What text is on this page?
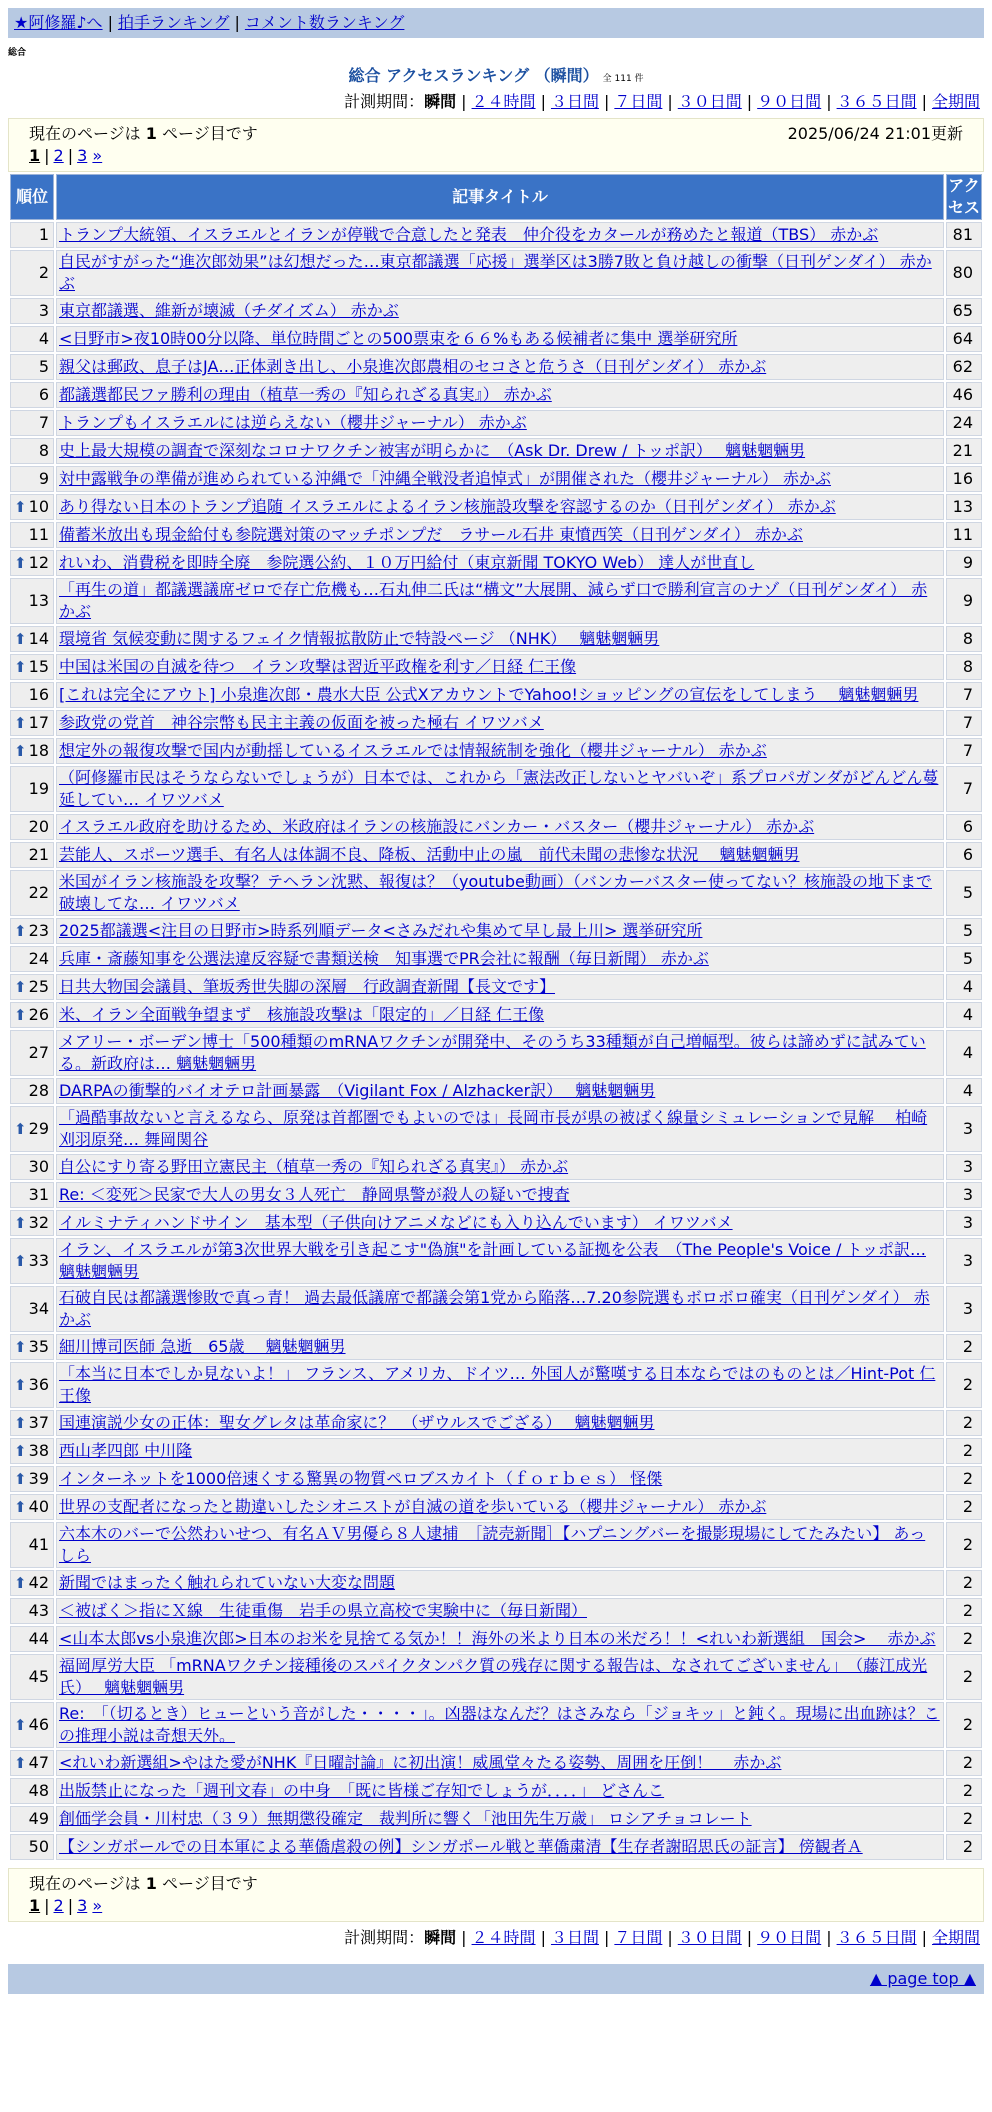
★阿修羅♪へ | 拍手ランキング | コメント数ランキング
総合
総合 アクセスランキング （瞬間） 全 111 件
計測期間：瞬間 | ２４時間 | ３日間 | ７日間 | ３０日間 | ９０日間 | ３６５日間 | 全期間
現在のページは 1 ページ目です	2025/06/24 21:01更新
1 | 2 | 3 »
順位	記事タイトル	アクセス
1	トランプ大統領、イスラエルとイランが停戦で合意したと発表　仲介役をカタールが務めたと報道（TBS） 赤かぶ	81
2	自民がすがった“進次郎効果”は幻想だった…東京都議選「応援」選挙区は3勝7敗と負け越しの衝撃（日刊ゲンダイ） 赤かぶ	80
3	東京都議選、維新が壊滅（チダイズム） 赤かぶ	65
4	<日野市>夜10時00分以降、単位時間ごとの500票束を６６%もある候補者に集中 選挙研究所	64
5	親父は郵政、息子はJA…正体剥き出し、小泉進次郎農相のセコさと危うさ（日刊ゲンダイ） 赤かぶ	62
6	都議選都民ファ勝利の理由（植草一秀の『知られざる真実』） 赤かぶ	46
7	トランプもイスラエルには逆らえない（櫻井ジャーナル） 赤かぶ	24
8	史上最大規模の調査で深刻なコロナワクチン被害が明らかに　（Ask Dr. Drew / トッポ訳）　 魑魅魍魎男	21
9	対中露戦争の準備が進められている沖縄で「沖縄全戦没者追悼式」が開催された（櫻井ジャーナル） 赤かぶ	16

⬆ 10	あり得ない日本のトランプ追随 イスラエルによるイラン核施設攻撃を容認するのか（日刊ゲンダイ） 赤かぶ	13
11	備蓄米放出も現金給付も参院選対策のマッチポンプだ　ラサール石井 東憤西笑（日刊ゲンダイ） 赤かぶ	11

⬆ 12	れいわ、消費税を即時全廃　参院選公約、１０万円給付（東京新聞 TOKYO Web） 達人が世直し	9
13	「再生の道」都議選議席ゼロで存亡危機も…石丸伸二氏は“構文”大展開、減らず口で勝利宣言のナゾ（日刊ゲンダイ） 赤かぶ	9

⬆ 14	環境省 気候変動に関するフェイク情報拡散防止で特設ページ （NHK）　 魑魅魍魎男	8

⬆ 15	中国は米国の自滅を待つ　イラン攻撃は習近平政権を利す／日経 仁王像	8
16	[これは完全にアウト] 小泉進次郎・農水大臣 公式Xアカウントで​Yahoo!ショッピングの宣伝をしてしまう　 魑魅魍魎男	7

⬆ 17	参政党の党首　神谷宗幣も民主主義の仮面を被った極右 イワツバメ	7

⬆ 18	想定外の報復攻撃で国内が動揺しているイスラエルでは情報統制を強化（櫻井ジャーナル） 赤かぶ	7
19	（阿修羅市民はそうならないでしょうが）日本では、これから「憲法改正しないとヤバいぞ」系プロパガンダがどんどん蔓延してい… イワツバメ	7
20	イスラエル政府を助けるため、米政府はイランの核施設にバンカー・バスター（櫻井ジャーナル） 赤かぶ	6
21	芸能人、スポーツ選手、有名人は体調不良、降板、活動中止の嵐　前代未聞の悲惨な状況　 魑魅魍魎男	6
22	米国がイラン核施設を攻撃？テヘラン沈黙、報復は？（youtube動画）（バンカーバスター使ってない？核施設の地下まで破壊してな… イワツバメ	5

⬆ 23	2025都議選<注目の日野市>時系列順データ<さみだれや集めて早し最上川> 選挙研究所	5
24	兵庫・斎藤知事を公選法違反容疑で書類送検　知事選でPR会社に報酬（毎日新聞） 赤かぶ	5

⬆ 25	日共大物国会議員、筆坂秀世失脚の深層　行政調査新聞【長文です】	4

⬆ 26	米、イラン全面戦争望まず　核施設攻撃は「限定的」／日経 仁王像	4
27	メアリー・ボーデン博士「500種類のmRNAワクチンが開発中、そのうち33種類が自己増幅型。彼らは諦めずに試みている。新政府は… 魑魅魍魎男	4
28	DARPAの衝撃的バイオテロ計画暴露　（Vigilant Fox / Alzhacker訳）　 魑魅魍魎男	4

⬆ 29	「過酷事故ないと言えるなら、原発は首都圏でもよいのでは」長岡市長が県の被ばく線量シミュレーションで見解　 柏崎刈羽原発… 舞岡関谷	3
30	自公にすり寄る野田立憲民主（植草一秀の『知られざる真実』） 赤かぶ	3
31	Re: ＜変死＞民家で大人の男女３人死亡　静岡県警が殺人の疑いで捜査	3

⬆ 32	イルミナティハンドサイン　基本型（子供向けアニメなどにも入り込んでいます） イワツバメ	3

⬆ 33	イラン、イスラエルが第3次世界大戦を引き起こす"偽旗"を計画している証拠を公表　（The People's Voice / トッポ訳… 魑魅魍魎男	3
34	石破自民は都議選惨敗で真っ青！ 過去最低議席で都議会第1党から陥落…7.20参院選もボロボロ確実（日刊ゲンダイ） 赤かぶ	3

⬆ 35	細川博司医師 急逝　65歳　 魑魅魍魎男	2

⬆ 36	「本当に日本でしか見ないよ！」 フランス、アメリカ、ドイツ… 外国人が驚嘆する日本ならではのものとは／Hint-Pot 仁王像	2

⬆ 37	国連演説少女の正体：聖女グレタは革命家に？　（ザウルスでござる）　 魑魅魍魎男	2

⬆ 38	西山孝四郎 中川隆	2

⬆ 39	インターネットを1000倍速くする驚異の物質ペロブスカイト（ｆｏｒｂｅｓ） 怪傑	2

⬆ 40	世界の支配者になったと勘違いしたシオニストが自滅の道を歩いている（櫻井ジャーナル） 赤かぶ	2
41	六本木のバーで公然わいせつ、有名ＡＶ男優ら８人逮捕　［読売新聞］【ハプニングバーを撮影現場にしてたみたい】 あっしら	2

⬆ 42	新聞ではまったく触れられていない大変な問題	2
43	＜被ばく＞指にＸ線　生徒重傷　岩手の県立高校で実験中に（毎日新聞）	2
44	<山本太郎vs小泉進次郎>日本のお米を見捨てる気か！！海外の米より日本の米だろ！！<れいわ新選組　国会>　 赤かぶ	2
45	福岡厚労大臣 「mRNAワクチン接種後のスパイクタンパク質の残存に関する報告は、なされてございません」　（藤江成光氏）　 魑魅魍魎男	2

⬆ 46	Re:　「（切るとき）ヒューという音がした・・・・」。凶器はなんだ？はさみなら「ジョキッ」と鈍く。現場に出血跡は？この推理小説は奇想天外。	2

⬆ 47	<れいわ新選組>やはた愛がNHK『日曜討論』に初出演！威風堂々たる姿勢、周囲を圧倒！　 赤かぶ	2
48	出版禁止になった「週刊文春」の中身　「既に皆様ご存知でしょうが．．．．」 どさんこ	2
49	創価学会員・川村忠（３９）無期懲役確定　裁判所に響く「池田先生万歳」 ロシアチョコレート	2
50	【シンガポールでの日本軍による華僑虐殺の例】シンガポール戦と華僑粛清【生存者謝昭思氏の証言】 傍観者Ａ	2
現在のページは 1 ページ目です
1 | 2 | 3 »
計測期間：瞬間 | ２４時間 | ３日間 | ７日間 | ３０日間 | ９０日間 | ３６５日間 | 全期間
▲ page top ▲
